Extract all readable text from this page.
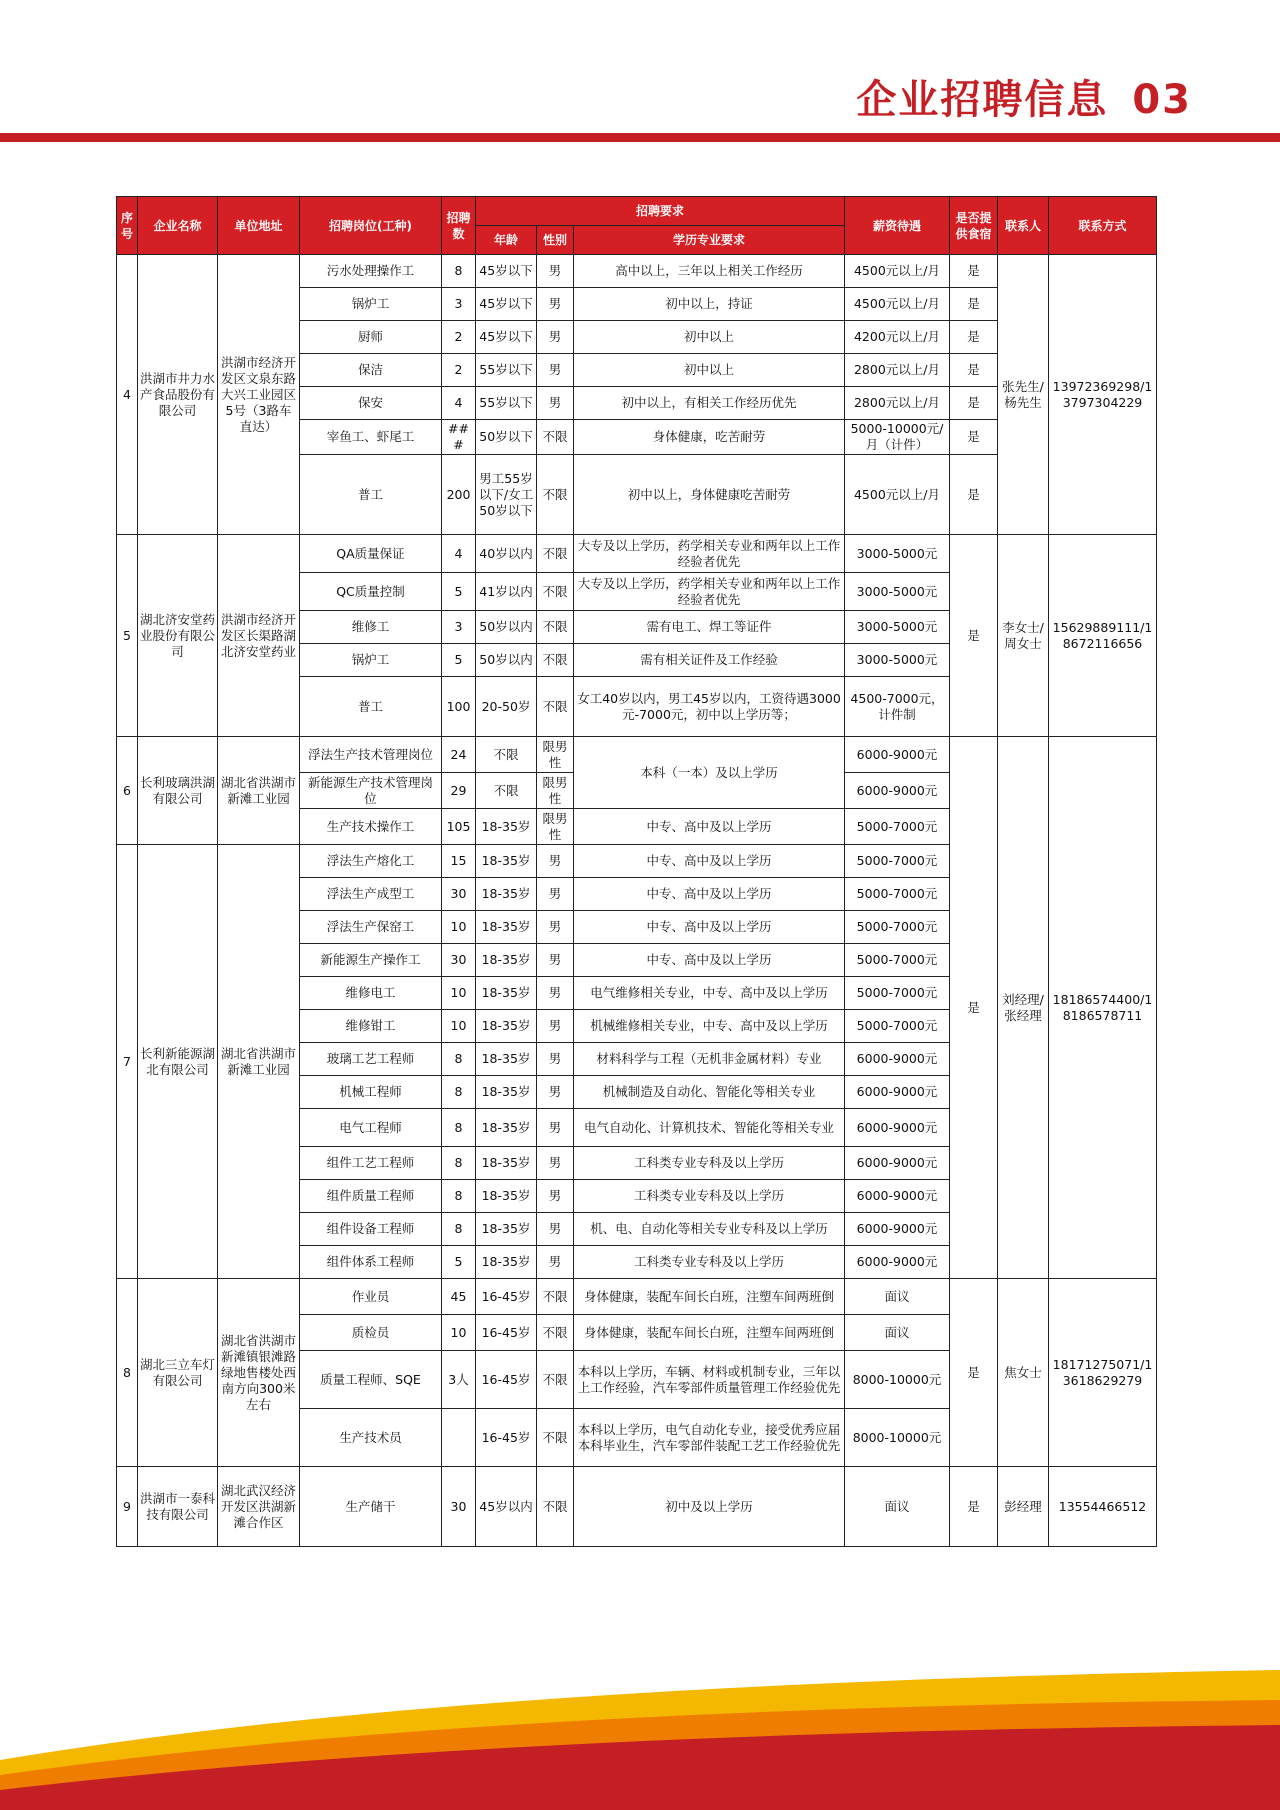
企业招聘信息 03
序号	企业名称	单位地址	招聘岗位(工种)	招聘数	招聘要求			薪资待遇	是否提供食宿	联系人	联系方式
					年龄	性别	学历专业要求				
4	洪湖市井力水产食品股份有限公司	洪湖市经济开发区文泉东路大兴工业园区5号（3路车直达）	污水处理操作工	8	45岁以下	男	高中以上，三年以上相关工作经历	4500元以上/月	是	张先生/杨先生	13972369298/13797304229
			锅炉工	3	45岁以下	男	初中以上，持证	4500元以上/月	是		
			厨师	2	45岁以下	男	初中以上	4200元以上/月	是		
			保洁	2	55岁以下	男	初中以上	2800元以上/月	是		
			保安	4	55岁以下	男	初中以上，有相关工作经历优先	2800元以上/月	是		
			宰鱼工、虾尾工	###	50岁以下	不限	身体健康，吃苦耐劳	5000-10000元/月（计件）	是		
			普工	200	男工55岁以下/女工50岁以下	不限	初中以上，身体健康吃苦耐劳	4500元以上/月	是		
5	湖北济安堂药业股份有限公司	洪湖市经济开发区长渠路湖北济安堂药业	QA质量保证	4	40岁以内	不限	大专及以上学历，药学相关专业和两年以上工作经验者优先	3000-5000元	是	李女士/周女士	15629889111/18672116656
			QC质量控制	5	41岁以内	不限	大专及以上学历，药学相关专业和两年以上工作经验者优先	3000-5000元			
			维修工	3	50岁以内	不限	需有电工、焊工等证件	3000-5000元			
			锅炉工	5	50岁以内	不限	需有相关证件及工作经验	3000-5000元			
			普工	100	20-50岁	不限	女工40岁以内，男工45岁以内，工资待遇3000元-7000元，初中以上学历等；	4500-7000元，计件制			
6	长利玻璃洪湖有限公司	湖北省洪湖市新滩工业园	浮法生产技术管理岗位	24	不限	限男性	本科（一本）及以上学历	6000-9000元	是	刘经理/张经理	18186574400/18186578711
			新能源生产技术管理岗位	29	不限	限男性		6000-9000元			
			生产技术操作工	105	18-35岁	限男性	中专、高中及以上学历	5000-7000元			
7	长利新能源湖北有限公司	湖北省洪湖市新滩工业园	浮法生产熔化工	15	18-35岁	男	中专、高中及以上学历	5000-7000元			
			浮法生产成型工	30	18-35岁	男	中专、高中及以上学历	5000-7000元			
			浮法生产保窑工	10	18-35岁	男	中专、高中及以上学历	5000-7000元			
			新能源生产操作工	30	18-35岁	男	中专、高中及以上学历	5000-7000元			
			维修电工	10	18-35岁	男	电气维修相关专业，中专、高中及以上学历	5000-7000元			
			维修钳工	10	18-35岁	男	机械维修相关专业，中专、高中及以上学历	5000-7000元			
			玻璃工艺工程师	8	18-35岁	男	材料科学与工程（无机非金属材料）专业	6000-9000元			
			机械工程师	8	18-35岁	男	机械制造及自动化、智能化等相关专业	6000-9000元			
			电气工程师	8	18-35岁	男	电气自动化、计算机技术、智能化等相关专业	6000-9000元			
			组件工艺工程师	8	18-35岁	男	工科类专业专科及以上学历	6000-9000元			
			组件质量工程师	8	18-35岁	男	工科类专业专科及以上学历	6000-9000元			
			组件设备工程师	8	18-35岁	男	机、电、自动化等相关专业专科及以上学历	6000-9000元			
			组件体系工程师	5	18-35岁	男	工科类专业专科及以上学历	6000-9000元			
8	湖北三立车灯有限公司	湖北省洪湖市新滩镇银滩路绿地售楼处西南方向300米左右	作业员	45	16-45岁	不限	身体健康，装配车间长白班，注塑车间两班倒	面议	是	焦女士	18171275071/13618629279
			质检员	10	16-45岁	不限	身体健康，装配车间长白班，注塑车间两班倒	面议			
			质量工程师、SQE	3人	16-45岁	不限	本科以上学历，车辆、材料或机制专业，三年以上工作经验，汽车零部件质量管理工作经验优先	8000-10000元			
			生产技术员		16-45岁	不限	本科以上学历，电气自动化专业，接受优秀应届本科毕业生，汽车零部件装配工艺工作经验优先	8000-10000元			
9	洪湖市一泰科技有限公司	湖北武汉经济开发区洪湖新滩合作区	生产储干	30	45岁以内	不限	初中及以上学历	面议	是	彭经理	13554466512
